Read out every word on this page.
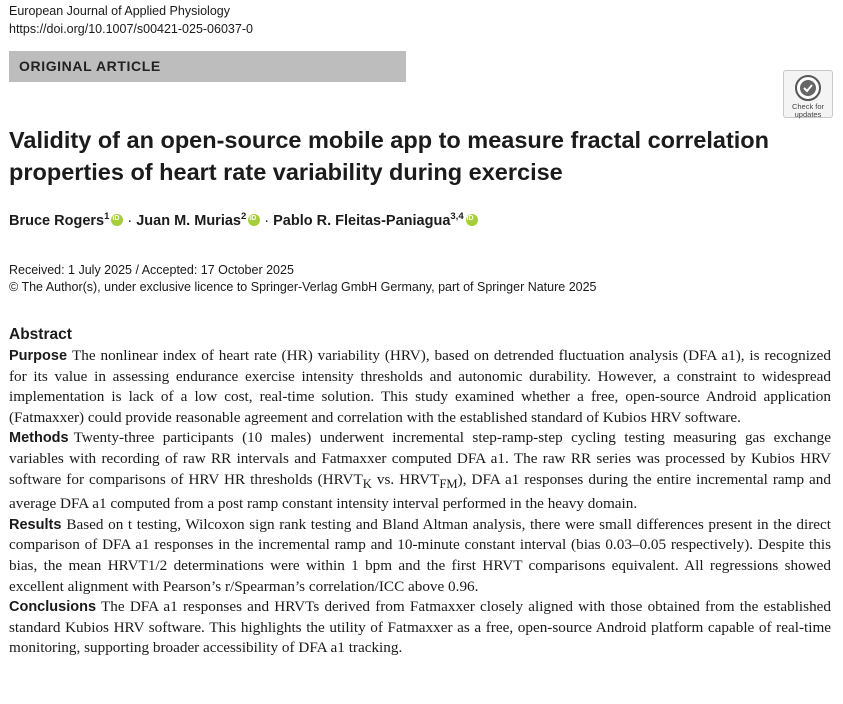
European Journal of Applied Physiology
https://doi.org/10.1007/s00421-025-06037-0
ORIGINAL ARTICLE
Check for
updates
Validity of an open-source mobile app to measure fractal correlation properties of heart rate variability during exercise
Bruce Rogers$^1$ iD · Juan M. Murias$^2$ iD · Pablo R. Fleitas-Paniagua$^{3,4}$iD
Received: 1 July 2025 / Accepted: 17 October 2025
© The Author(s), under exclusive licence to Springer-Verlag GmbH Germany, part of Springer Nature 2025
Abstract

Purpose The nonlinear index of heart rate (HR) variability (HRV), based on detrended fluctuation analysis (DFA a1), is recognized for its value in assessing endurance exercise intensity thresholds and autonomic durability. However, a constraint to widespread implementation is lack of a low cost, real-time solution. This study examined whether a free, open-source Android application (Fatmaxxer) could provide reasonable agreement and correlation with the established standard of Kubios HRV software.

Methods Twenty-three participants (10 males) underwent incremental step-ramp-step cycling testing measuring gas exchange variables with recording of raw RR intervals and Fatmaxxer computed DFA a1. The raw RR series was processed by Kubios HRV software for comparisons of HRV HR thresholds ($HRVT_K$ vs. $HRVT_{FM}$), DFA a1 responses during the entire incremental ramp and average DFA a1 computed from a post ramp constant intensity interval performed in the heavy domain.

Results Based on t testing, Wilcoxon sign rank testing and Bland Altman analysis, there were small differences present in the direct comparison of DFA a1 responses in the incremental ramp and 10-minute constant interval (bias 0.03–0.05 respectively). Despite this bias, the mean HRVT1/2 determinations were within 1 bpm and the first HRVT comparisons equivalent. All regressions showed excellent alignment with Pearson’s r/Spearman’s correlation/ICC above 0.96.

Conclusions The DFA a1 responses and HRVTs derived from Fatmaxxer closely aligned with those obtained from the established standard Kubios HRV software. This highlights the utility of Fatmaxxer as a free, open-source Android platform capable of real-time monitoring, supporting broader accessibility of DFA a1 tracking.
